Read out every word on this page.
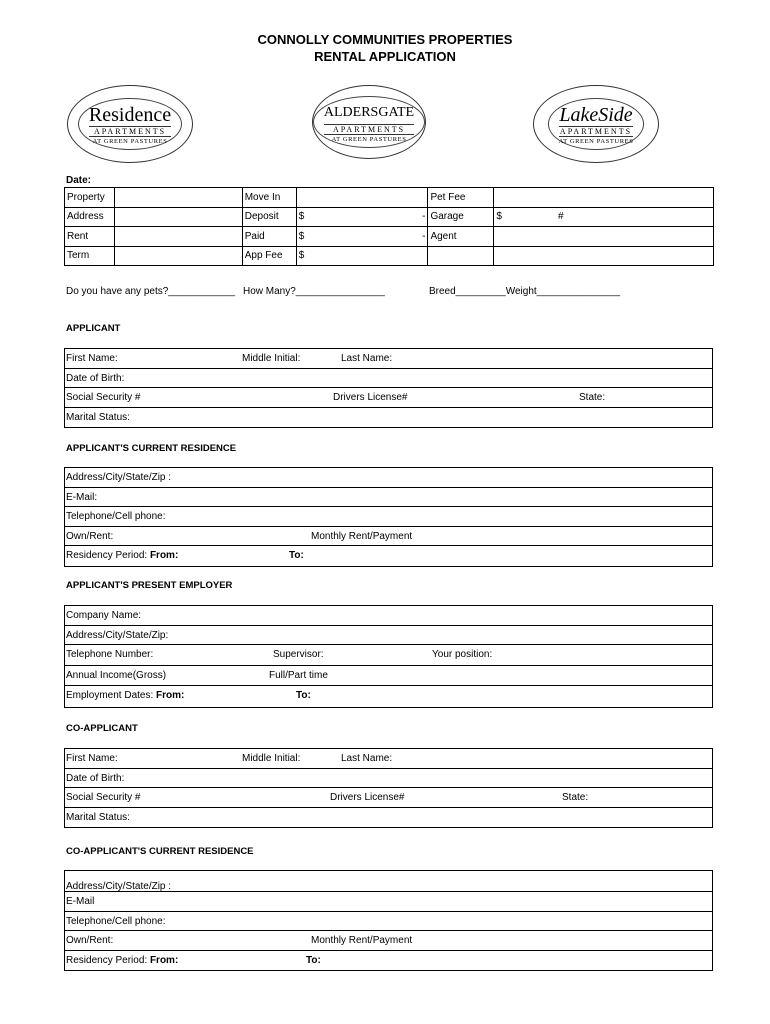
CONNOLLY COMMUNITIES PROPERTIES
RENTAL APPLICATION
Residence
APARTMENTS
AT GREEN PASTURES
ALDERSGATE
APARTMENTS
AT GREEN PASTURES
LakeSide
APARTMENTS
AT GREEN PASTURES
Date:
Property		Move In			Pet Fee	
Address		Deposit	$	-	Garage	$ #
Rent		Paid	$	-	Agent	
Term		App Fee	$			
Do you have any pets?____________ How Many?________________	Breed_________Weight_______________
APPLICANT
First Name:	Middle Initial:	Last Name:
Date of Birth:
Social Security #	Drivers License#	State:
Marital Status:
APPLICANT'S CURRENT RESIDENCE
Address/City/State/Zip :
E-Mail:
Telephone/Cell phone:
Own/Rent:	Monthly Rent/Payment
Residency Period: From:	To:
APPLICANT'S PRESENT EMPLOYER
Company Name:
Address/City/State/Zip:
Telephone Number:	Supervisor:	Your position:
Annual Income(Gross)	Full/Part time
Employment Dates: From:	To:
CO-APPLICANT
First Name:	Middle Initial:	Last Name:
Date of Birth:
Social Security #	Drivers License#	State:
Marital Status:
CO-APPLICANT'S CURRENT RESIDENCE
Address/City/State/Zip :
E-Mail
Telephone/Cell phone:
Own/Rent:	Monthly Rent/Payment
Residency Period: From:	To:
